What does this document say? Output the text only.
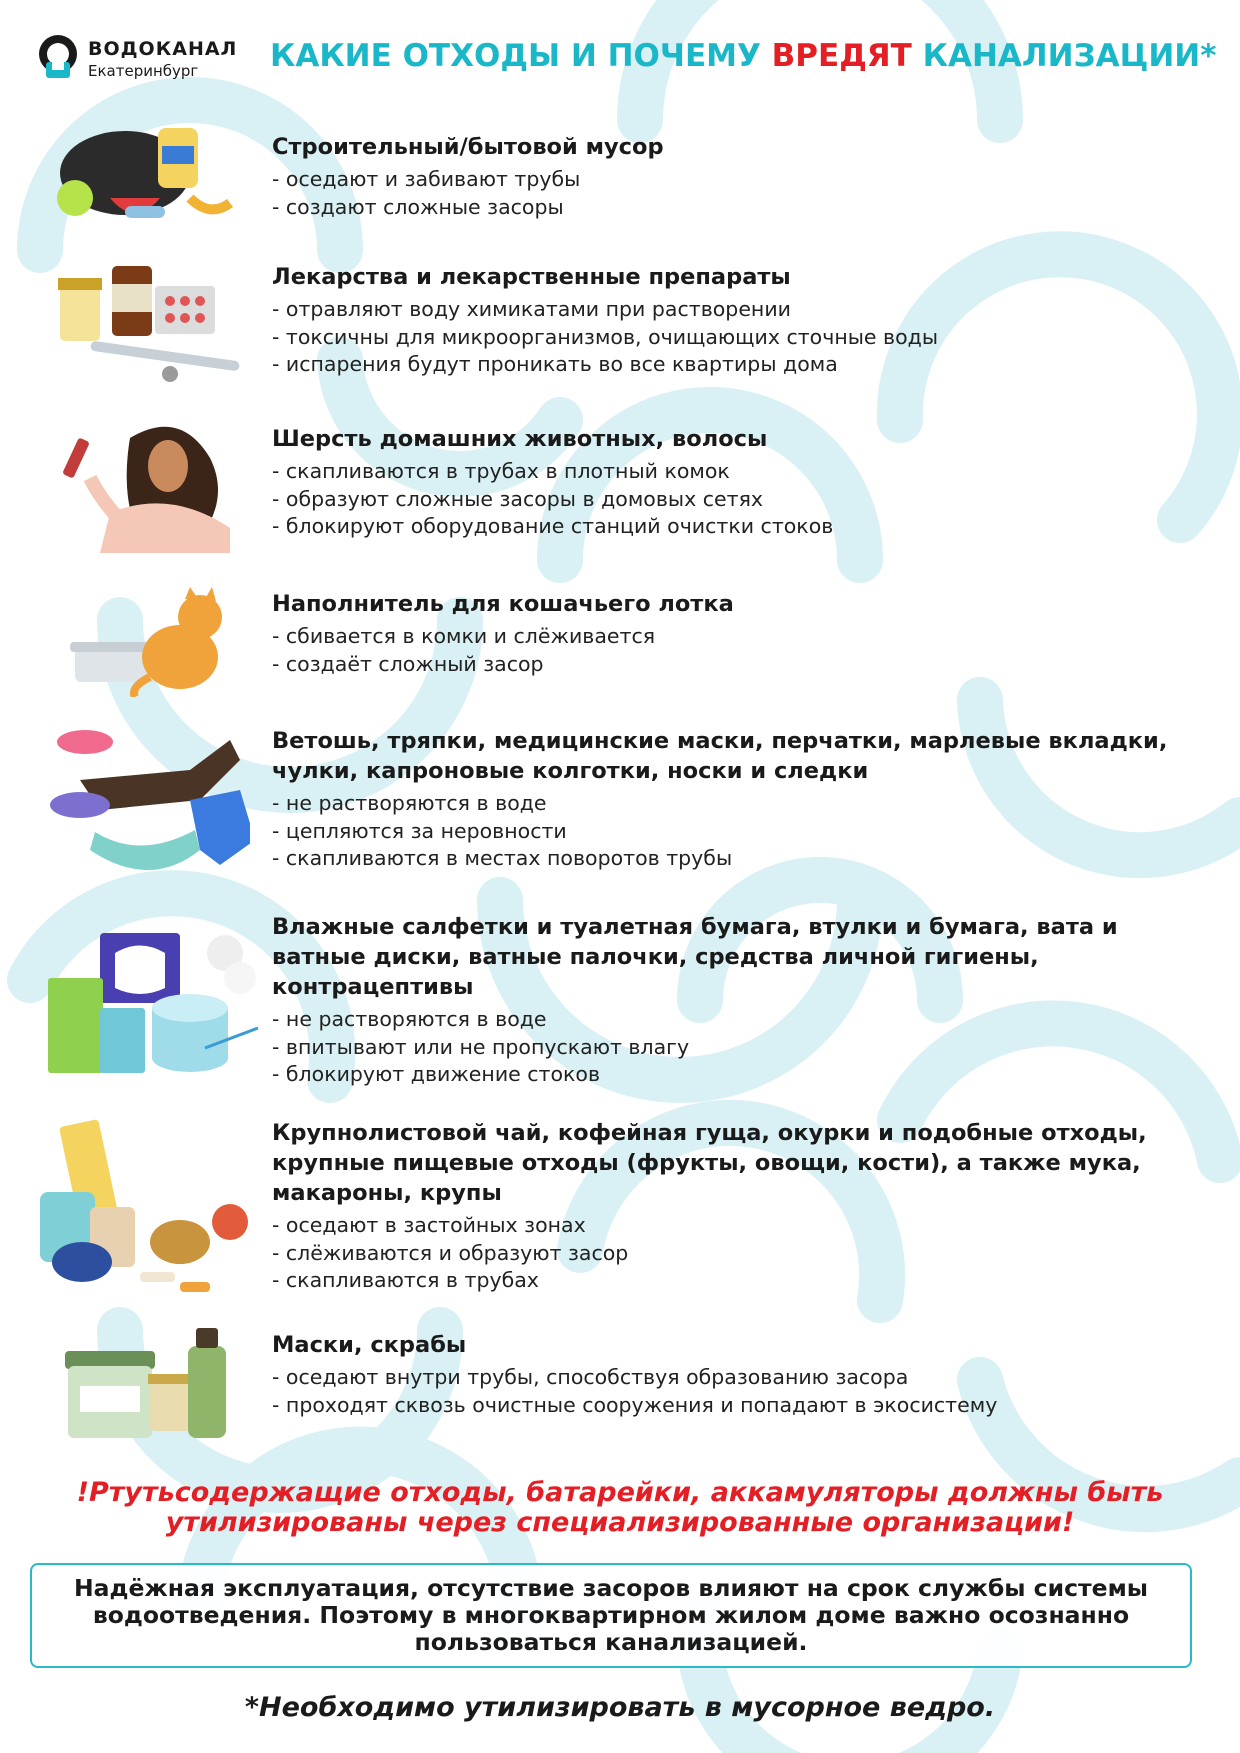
ВОДОКАНАЛ
Екатеринбург КАКИЕ ОТХОДЫ И ПОЧЕМУ ВРЕДЯТ КАНАЛИЗАЦИИ*
Строительный/бытовой мусор
- оседают и забивают трубы
- создают сложные засоры
Лекарства и лекарственные препараты
- отравляют воду химикатами при растворении
- токсичны для микроорганизмов, очищающих сточные воды
- испарения будут проникать во все квартиры дома
Шерсть домашних животных, волосы
- скапливаются в трубах в плотный комок
- образуют сложные засоры в домовых сетях
- блокируют оборудование станций очистки стоков
Наполнитель для кошачьего лотка
- сбивается в комки и слёживается
- создаёт сложный засор
Ветошь, тряпки, медицинские маски, перчатки, марлевые вкладки, чулки, капроновые колготки, носки и следки
- не растворяются в воде
- цепляются за неровности
- скапливаются в местах поворотов трубы
Влажные салфетки и туалетная бумага, втулки и бумага, вата и ватные диски, ватные палочки, средства личной гигиены, контрацептивы
- не растворяются в воде
- впитывают или не пропускают влагу
- блокируют движение стоков
Крупнолистовой чай, кофейная гуща, окурки и подобные отходы, крупные пищевые отходы (фрукты, овощи, кости), а также мука, макароны, крупы
- оседают в застойных зонах
- слёживаются и образуют засор
- скапливаются в трубах
Маски, скрабы
- оседают внутри трубы, способствуя образованию засора
- проходят сквозь очистные сооружения и попадают в экосистему
!Ртутьсодержащие отходы, батарейки, аккамуляторы должны быть утилизированы через специализированные организации!
Надёжная эксплуатация, отсутствие засоров влияют на срок службы системы водоотведения. Поэтому в многоквартирном жилом доме важно осознанно пользоваться канализацией.
*Необходимо утилизировать в мусорное ведро.
